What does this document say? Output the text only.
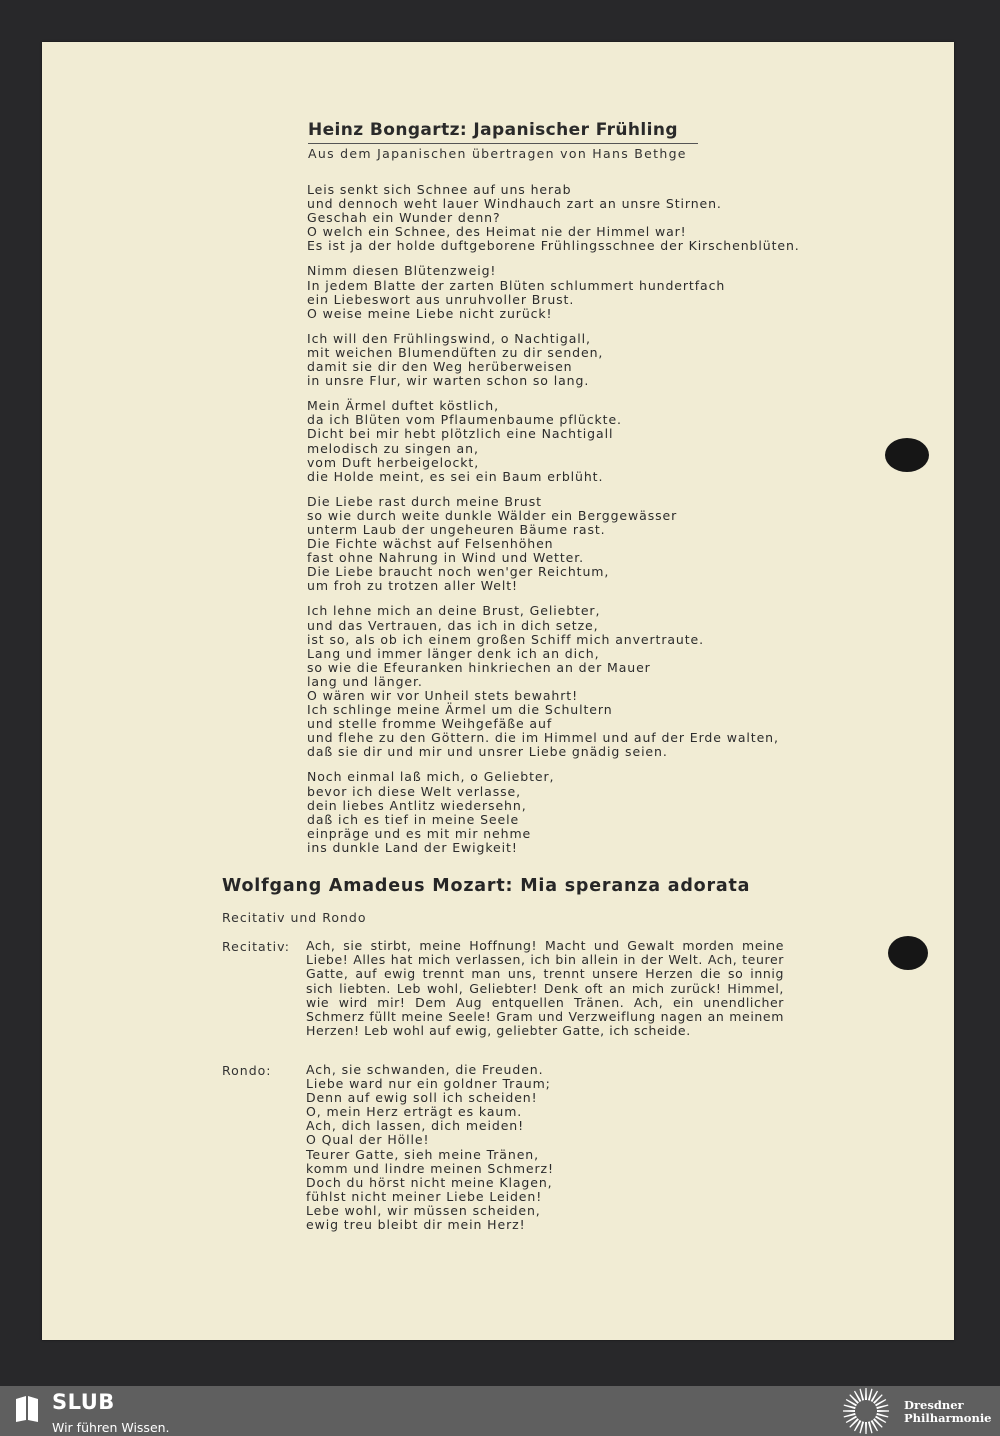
Heinz Bongartz: Japanischer Frühling
Aus dem Japanischen übertragen von Hans Bethge
Leis senkt sich Schnee auf uns herab
und dennoch weht lauer Windhauch zart an unsre Stirnen.
Geschah ein Wunder denn?
O welch ein Schnee, des Heimat nie der Himmel war!
Es ist ja der holde duftgeborene Frühlingsschnee der Kirschenblüten.
Nimm diesen Blütenzweig!
In jedem Blatte der zarten Blüten schlummert hundertfach
ein Liebeswort aus unruhvoller Brust.
O weise meine Liebe nicht zurück!
Ich will den Frühlingswind, o Nachtigall,
mit weichen Blumendüften zu dir senden,
damit sie dir den Weg herüberweisen
in unsre Flur, wir warten schon so lang.
Mein Ärmel duftet köstlich,
da ich Blüten vom Pflaumenbaume pflückte.
Dicht bei mir hebt plötzlich eine Nachtigall
melodisch zu singen an,
vom Duft herbeigelockt,
die Holde meint, es sei ein Baum erblüht.
Die Liebe rast durch meine Brust
so wie durch weite dunkle Wälder ein Berggewässer
unterm Laub der ungeheuren Bäume rast.
Die Fichte wächst auf Felsenhöhen
fast ohne Nahrung in Wind und Wetter.
Die Liebe braucht noch wen'ger Reichtum,
um froh zu trotzen aller Welt!
Ich lehne mich an deine Brust, Geliebter,
und das Vertrauen, das ich in dich setze,
ist so, als ob ich einem großen Schiff mich anvertraute.
Lang und immer länger denk ich an dich,
so wie die Efeuranken hinkriechen an der Mauer
lang und länger.
O wären wir vor Unheil stets bewahrt!
Ich schlinge meine Ärmel um die Schultern
und stelle fromme Weihgefäße auf
und flehe zu den Göttern. die im Himmel und auf der Erde walten,
daß sie dir und mir und unsrer Liebe gnädig seien.
Noch einmal laß mich, o Geliebter,
bevor ich diese Welt verlasse,
dein liebes Antlitz wiedersehn,
daß ich es tief in meine Seele
einpräge und es mit mir nehme
ins dunkle Land der Ewigkeit!
Wolfgang Amadeus Mozart: Mia speranza adorata
Recitativ und Rondo
Recitativ: Ach, sie stirbt, meine Hoffnung! Macht und Gewalt morden meine Liebe! Alles hat mich verlassen, ich bin allein in der Welt. Ach, teurer Gatte, auf ewig trennt man uns, trennt unsere Herzen die so innig sich liebten. Leb wohl, Geliebter! Denk oft an mich zurück! Himmel, wie wird mir! Dem Aug entquellen Tränen. Ach, ein unendlicher Schmerz füllt meine Seele! Gram und Verzweiflung nagen an meinem Herzen! Leb wohl auf ewig, geliebter Gatte, ich scheide.
Rondo:	Ach, sie schwanden, die Freuden.
Liebe ward nur ein goldner Traum;
Denn auf ewig soll ich scheiden!
O, mein Herz erträgt es kaum.
Ach, dich lassen, dich meiden!
O Qual der Hölle!
Teurer Gatte, sieh meine Tränen,
komm und lindre meinen Schmerz!
Doch du hörst nicht meine Klagen,
fühlst nicht meiner Liebe Leiden!
Lebe wohl, wir müssen scheiden,
ewig treu bleibt dir mein Herz!
SLUB
Wir führen Wissen.
Dresdner
Philharmonie
